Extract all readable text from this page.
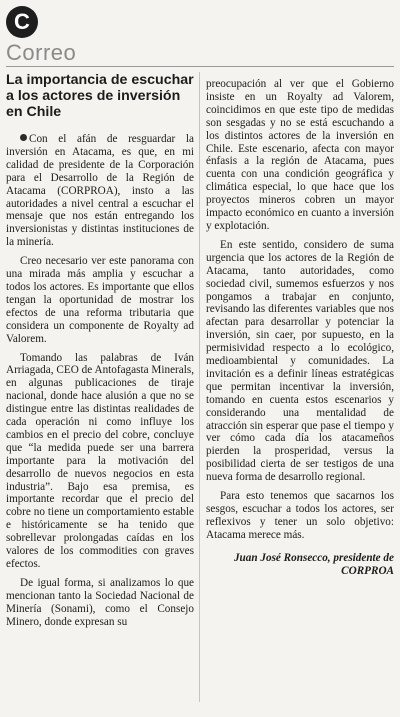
C
Correo
La importancia de escuchar a los actores de inversión en Chile

Con el afán de resguardar la inversión en Atacama, es que, en mi calidad de presidente de la Corporación para el Desarrollo de la Región de Atacama (CORPROA), insto a las autoridades a nivel central a escuchar el mensaje que nos están entregando los inversionistas y distintas instituciones de la minería.

Creo necesario ver este panorama con una mirada más amplia y escuchar a todos los actores. Es importante que ellos tengan la oportunidad de mostrar los efectos de una reforma tributaria que considera un componente de Royalty ad Valorem.

Tomando las palabras de Iván Arriagada, CEO de Antofagasta Minerals, en algunas publicaciones de tiraje nacional, donde hace alusión a que no se distingue entre las distintas realidades de cada operación ni como influye los cambios en el precio del cobre, concluye que “la medida puede ser una barrera importante para la motivación del desarrollo de nuevos negocios en esta industria”. Bajo esa premisa, es importante recordar que el precio del cobre no tiene un comportamiento estable e históricamente se ha tenido que sobrellevar prolongadas caídas en los valores de los commodities con graves efectos.

De igual forma, si analizamos lo que mencionan tanto la Sociedad Nacional de Minería (Sonami), como el Consejo Minero, donde expresan su

preocupación al ver que el Gobierno insiste en un Royalty ad Valorem, coincidimos en que este tipo de medidas son sesgadas y no se está escuchando a los distintos actores de la inversión en Chile. Este escenario, afecta con mayor énfasis a la región de Atacama, pues cuenta con una condición geográfica y climática especial, lo que hace que los proyectos mineros cobren un mayor impacto económico en cuanto a inversión y explotación.

En este sentido, considero de suma urgencia que los actores de la Región de Atacama, tanto autoridades, como sociedad civil, sumemos esfuerzos y nos pongamos a trabajar en conjunto, revisando las diferentes variables que nos afectan para desarrollar y potenciar la inversión, sin caer, por supuesto, en la permisividad respecto a lo ecológico, medioambiental y comunidades. La invitación es a definir líneas estratégicas que permitan incentivar la inversión, tomando en cuenta estos escenarios y considerando una mentalidad de atracción sin esperar que pase el tiempo y ver cómo cada día los atacameños pierden la prosperidad, versus la posibilidad cierta de ser testigos de una nueva forma de desarrollo regional.

Para esto tenemos que sacarnos los sesgos, escuchar a todos los actores, ser reflexivos y tener un solo objetivo: Atacama merece más.

Juan José Ronsecco, presidente de
CORPROA
